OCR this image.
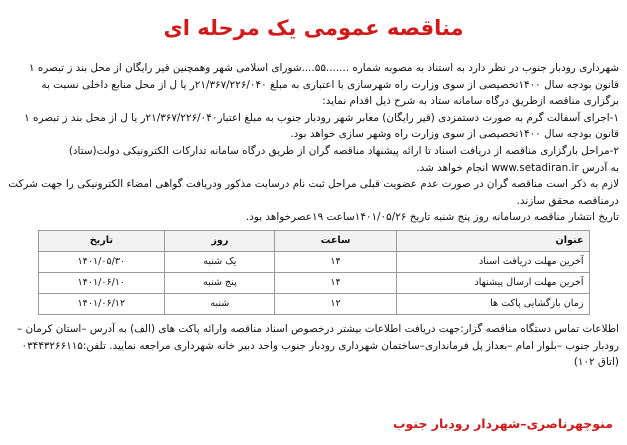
مناقصه عمومی یک مرحله ای

شهرداری رودبار جنوب در نظر دارد به استناد به مصوبه شماره .......۵۵....شورای اسلامی شهر وهمچنین قیر رایگان از محل بند ز تبصره ۱ قانون بودجه سال ۱۴۰۰تخصیصی از سوی وزارت راه شهرسازی با اعتباری به مبلغ ۲۱/۳۶۷/۲۲۶/۰۴۰ر یا ل از محل منابع داخلی نسبت به برگزاری مناقصه ازطریق درگاه سامانه ستاد به شرح ذیل اقدام نماید:

۱-اجرای آسفالت گرم به صورت دستمزدی (قیر رایگان) معابر شهر رودبار جنوب به مبلغ اعتبار۲۱/۳۶۷/۲۲۶/۰۴۰ر یا ل از محل بند ز تبصره ۱ قانون بودجه سال ۱۴۰۰تخصیصی از سوی وزارت راه وشهر سازی خواهد بود.

۲-مراحل بارگزاری مناقصه از دریافت اسناد تا ارائه پیشنهاد مناقصه گران از طریق درگاه سامانه تدارکات الکترونیکی دولت(ستاد)

به آدرس www.setadiran.ir انجام خواهد شد.

لازم به ذکر است مناقصه گران در صورت عدم عضویت قبلی مراحل ثبت نام درسایت مذکور ودریافت گواهی امضاء الکترونیکی را جهت شرکت درمناقصه محقق سازند.

تاریخ انتشار مناقصه درسامانه روز پنج شنبه تاریخ ۱۴۰۱/۰۵/۲۶ساعت ۱۹عصرخواهد بود.

عنوان	ساعت	روز	تاریخ
آخرین مهلت دریافت اسناد	۱۴	یک شنبه	۱۴۰۱/۰۵/۳۰
آخرین مهلت ارسال پیشنهاد	۱۴	پنج شنبه	۱۴۰۱/۰۶/۱۰
زمان بازگشایی پاکت ها	۱۲	شنبه	۱۴۰۱/۰۶/۱۲

اطلاعات تماس دستگاه مناقصه گزار:جهت دریافت اطلاعات بیشتر درخصوص اسناد مناقصه وارائه پاکت های (الف) به آدرس –استان کرمان –رودبار جنوب –بلوار امام –بعداز پل فرمانداری–ساختمان شهرداری رودبار جنوب واحد دبیر خانه شهرداری مراجعه نمایید. تلفن:۰۳۴۴۳۲۶۶۱۱۵ (اتاق ۱۰۲)

منوچهرناصری–شهردار رودبار جنوب
